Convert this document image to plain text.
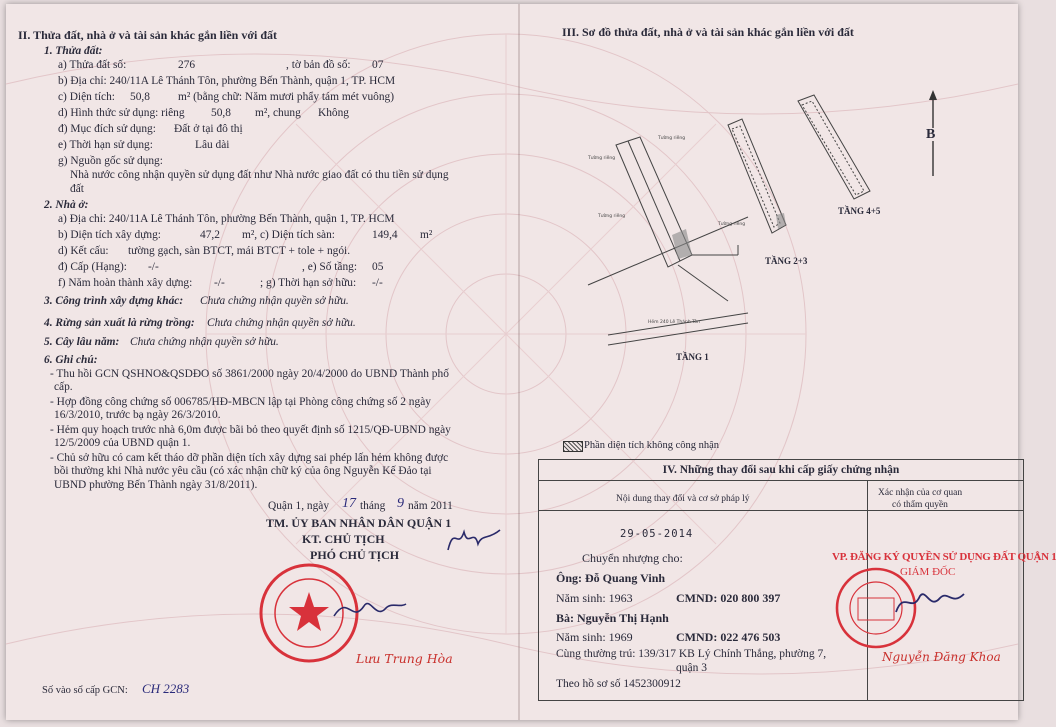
II. Thửa đất, nhà ở và tài sản khác gắn liền với đất
1. Thửa đất:
a) Thửa đất số:	276	, tờ bản đồ số: 07
b) Địa chỉ: 240/11A Lê Thánh Tôn, phường Bến Thành, quận 1, TP. HCM
c) Diện tích: 50,8 m² (bằng chữ: Năm mươi phẩy tám mét vuông)
d) Hình thức sử dụng: riêng 50,8 m², chung Không
đ) Mục đích sử dụng: Đất ở tại đô thị
e) Thời hạn sử dụng:	Lâu dài
g) Nguồn gốc sử dụng:
Nhà nước công nhận quyền sử dụng đất như Nhà nước giao đất có thu tiền sử dụng
đất
2. Nhà ở:
a) Địa chỉ: 240/11A Lê Thánh Tôn, phường Bến Thành, quận 1, TP. HCM
b) Diện tích xây dựng:	47,2 m², c) Diện tích sàn:	149,4 m²
d) Kết cấu: tường gạch, sàn BTCT, mái BTCT + tole + ngói.
đ) Cấp (Hạng): -/-	, e) Số tầng: 05
f) Năm hoàn thành xây dựng: -/-	; g) Thời hạn sở hữu: -/-
3. Công trình xây dựng khác: Chưa chứng nhận quyền sở hữu.
4. Rừng sản xuất là rừng trồng: Chưa chứng nhận quyền sở hữu.
5. Cây lâu năm: Chưa chứng nhận quyền sở hữu.
6. Ghi chú:
- Thu hồi GCN QSHNO&QSDĐO số 3861/2000 ngày 20/4/2000 do UBND Thành phố
cấp.
- Hợp đồng công chứng số 006785/HĐ-MBCN lập tại Phòng công chứng số 2 ngày
16/3/2010, trước bạ ngày 26/3/2010.
- Hẻm quy hoạch trước nhà 6,0m được bãi bỏ theo quyết định số 1215/QĐ-UBND ngày
12/5/2009 của UBND quận 1.
- Chủ sở hữu có cam kết tháo dỡ phần diện tích xây dựng sai phép lấn hẻm không được
bồi thường khi Nhà nước yêu cầu (có xác nhận chữ ký của ông Nguyễn Kế Đảo tại
UBND phường Bến Thành ngày 31/8/2011).
Quận 1, ngày 17 tháng 9 năm 2011
TM. ỦY BAN NHÂN DÂN QUẬN 1
KT. CHỦ TỊCH
PHÓ CHỦ TỊCH
Lưu Trung Hòa
Số vào sổ cấp GCN: CH 2283
III. Sơ đồ thửa đất, nhà ở và tài sản khác gắn liền với đất
B
Tường riêng
Tường riêng
Tường riêng
Tường riêng
Hẻm 240 Lê Thánh Tôn
TẦNG 4+5
TẦNG 2+3
TẦNG 1
Phần diện tích không công nhận
IV. Những thay đổi sau khi cấp giấy chứng nhận
Nội dung thay đổi và cơ sở pháp lý
Xác nhận của cơ quan
có thẩm quyền
29-05-2014
Chuyển nhượng cho:
Ông: Đỗ Quang Vinh
Năm sinh: 1963	CMND: 020 800 397
Bà: Nguyễn Thị Hạnh
Năm sinh: 1969	CMND: 022 476 503
Cùng thường trú: 139/317 KB Lý Chính Thắng, phường 7,
quận 3
Theo hồ sơ số 1452300912
VP. ĐĂNG KÝ QUYỀN SỬ DỤNG ĐẤT QUẬN 1
GIÁM ĐỐC
Nguyễn Đăng Khoa
